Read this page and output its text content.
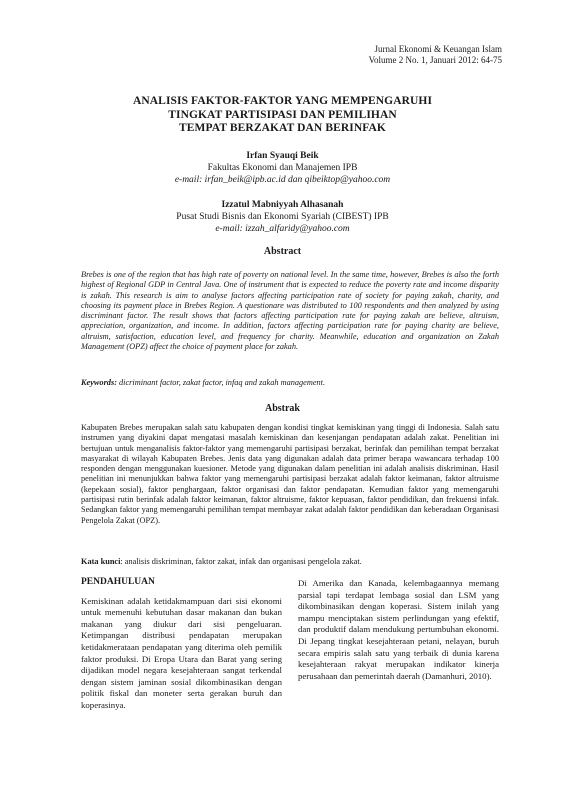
Jurnal Ekonomi & Keuangan Islam
Volume 2 No. 1, Januari 2012: 64-75
ANALISIS FAKTOR-FAKTOR YANG MEMPENGARUHI
TINGKAT PARTISIPASI DAN PEMILIHAN
TEMPAT BERZAKAT DAN BERINFAK
Irfan Syauqi Beik
Fakultas Ekonomi dan Manajemen IPB
e-mail: irfan_beik@ipb.ac.id dan qibeiktop@yahoo.com
Izzatul Mabniyyah Alhasanah
Pusat Studi Bisnis dan Ekonomi Syariah (CIBEST) IPB
e-mail: izzah_alfaridy@yahoo.com
Abstract
Brebes is one of the region that has high rate of poverty on national level. In the same time, however, Brebes is also the forth highest of Regional GDP in Central Java. One of instrument that is expected to reduce the poverty rate and income disparity is zakah. This research is aim to analyse factors affecting participation rate of society for paying zakah, charity, and choosing its payment place in Brebes Region. A questionare was distributed to 100 respondents and then analyzed by using discriminant factor. The result shows that factors affecting participation rate for paying zakah are believe, altruism, appreciation, organization, and income. In addition, factors affecting participation rate for paying charity are believe, altruism, satisfaction, education level, and frequency for charity. Meanwhile, education and organization on Zakah Management (OPZ) affect the choice of payment place for zakah.
Keywords: dicriminant factor, zakat factor, infaq and zakah management.
Abstrak
Kabupaten Brebes merupakan salah satu kabupaten dengan kondisi tingkat kemiskinan yang tinggi di Indonesia. Salah satu instrumen yang diyakini dapat mengatasi masalah kemiskinan dan kesenjangan pendapatan adalah zakat. Penelitian ini bertujuan untuk menganalisis faktor-faktor yang memengaruhi partisipasi berzakat, berinfak dan pemilihan tempat berzakat masyarakat di wilayah Kabupaten Brebes. Jenis data yang digunakan adalah data primer berapa wawancara terhadap 100 responden dengan menggunakan kuesioner. Metode yang digunakan dalam penelitian ini adalah analisis diskriminan. Hasil penelitian ini menunjukkan bahwa faktor yang memengaruhi partisipasi berzakat adalah faktor keimanan, faktor altruisme (kepekaan sosial), faktor penghargaan, faktor organisasi dan faktor pendapatan. Kemudian faktor yang memengaruhi partisipasi rutin berinfak adalah faktor keimanan, faktor altruisme, faktor kepuasan, faktor pendidikan, dan frekuensi infak. Sedangkan faktor yang memengaruhi pemilihan tempat membayar zakat adalah faktor pendidikan dan keberadaan Organisasi Pengelola Zakat (OPZ).
Kata kunci: analisis diskriminan, faktor zakat, infak dan organisasi pengelola zakat.
PENDAHULUAN
Kemiskinan adalah ketidakmampuan dari sisi ekonomi untuk memenuhi kebutuhan dasar makanan dan bukan makanan yang diukur dari sisi pengeluaran. Ketimpangan distribusi pendapatan merupakan ketidakmerataan pendapatan yang diterima oleh pemilik faktor produksi. Di Eropa Utara dan Barat yang sering dijadikan model negara kesejahteraan sangat terkendal dengan sistem jaminan sosial dikombinasikan dengan politik fiskal dan moneter serta gerakan buruh dan koperasinya.
Di Amerika dan Kanada, kelembagaannya memang parsial tapi terdapat lembaga sosial dan LSM yang dikombinasikan dengan koperasi. Sistem inilah yang mampu menciptakan sistem perlindungan yang efektif, dan produktif dalam mendukung pertumbuhan ekonomi. Di Jepang tingkat kesejahteraan petani, nelayan, buruh secara empiris salah satu yang terbaik di dunia karena kesejahteraan rakyat merupakan indikator kinerja perusahaan dan pemerintah daerah (Damanhuri, 2010).
